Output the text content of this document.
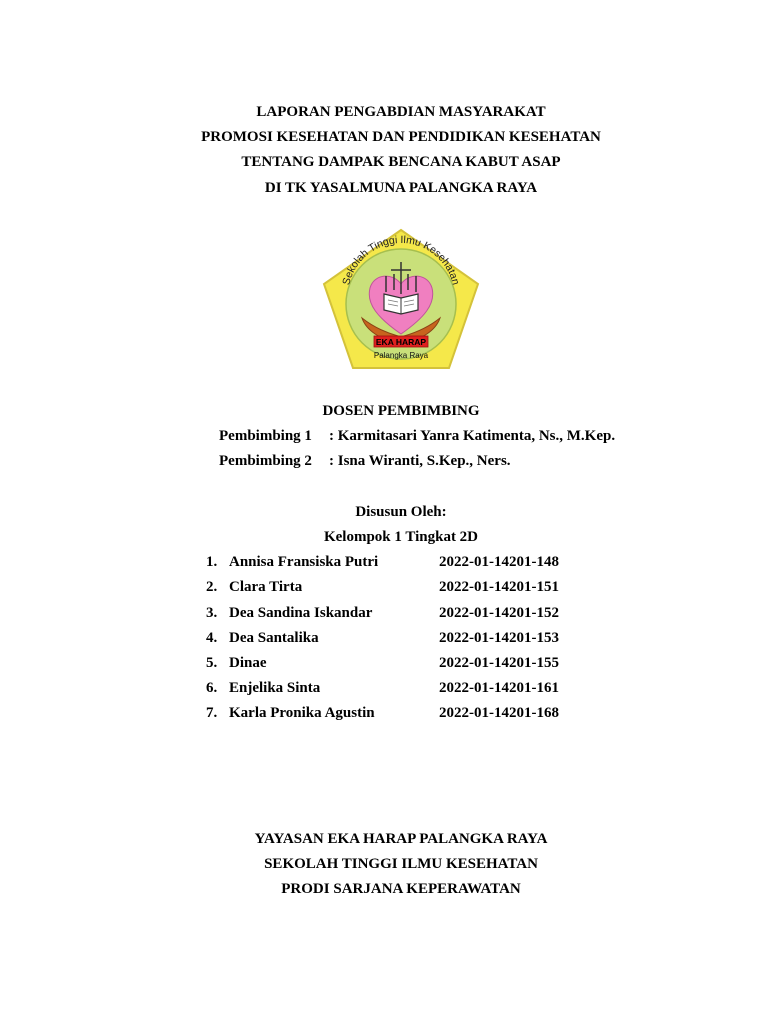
LAPORAN PENGABDIAN MASYARAKAT
PROMOSI KESEHATAN DAN PENDIDIKAN KESEHATAN
TENTANG DAMPAK BENCANA KABUT ASAP
DI TK YASALMUNA PALANGKA RAYA
Sekolah Tinggi Ilmu Kesehatan
EKA HARAP
Palangka Raya
DOSEN PEMBIMBING
Pembimbing 1 : Karmitasari Yanra Katimenta, Ns., M.Kep.
Pembimbing 2 : Isna Wiranti, S.Kep., Ners.
Disusun Oleh:
Kelompok 1 Tingkat 2D
1. Annisa Fransiska Putri	2022-01-14201-148
2. Clara Tirta	2022-01-14201-151
3. Dea Sandina Iskandar	2022-01-14201-152
4. Dea Santalika	2022-01-14201-153
5. Dinae	2022-01-14201-155
6. Enjelika Sinta	2022-01-14201-161
7. Karla Pronika Agustin	2022-01-14201-168
YAYASAN EKA HARAP PALANGKA RAYA
SEKOLAH TINGGI ILMU KESEHATAN
PRODI SARJANA KEPERAWATAN
